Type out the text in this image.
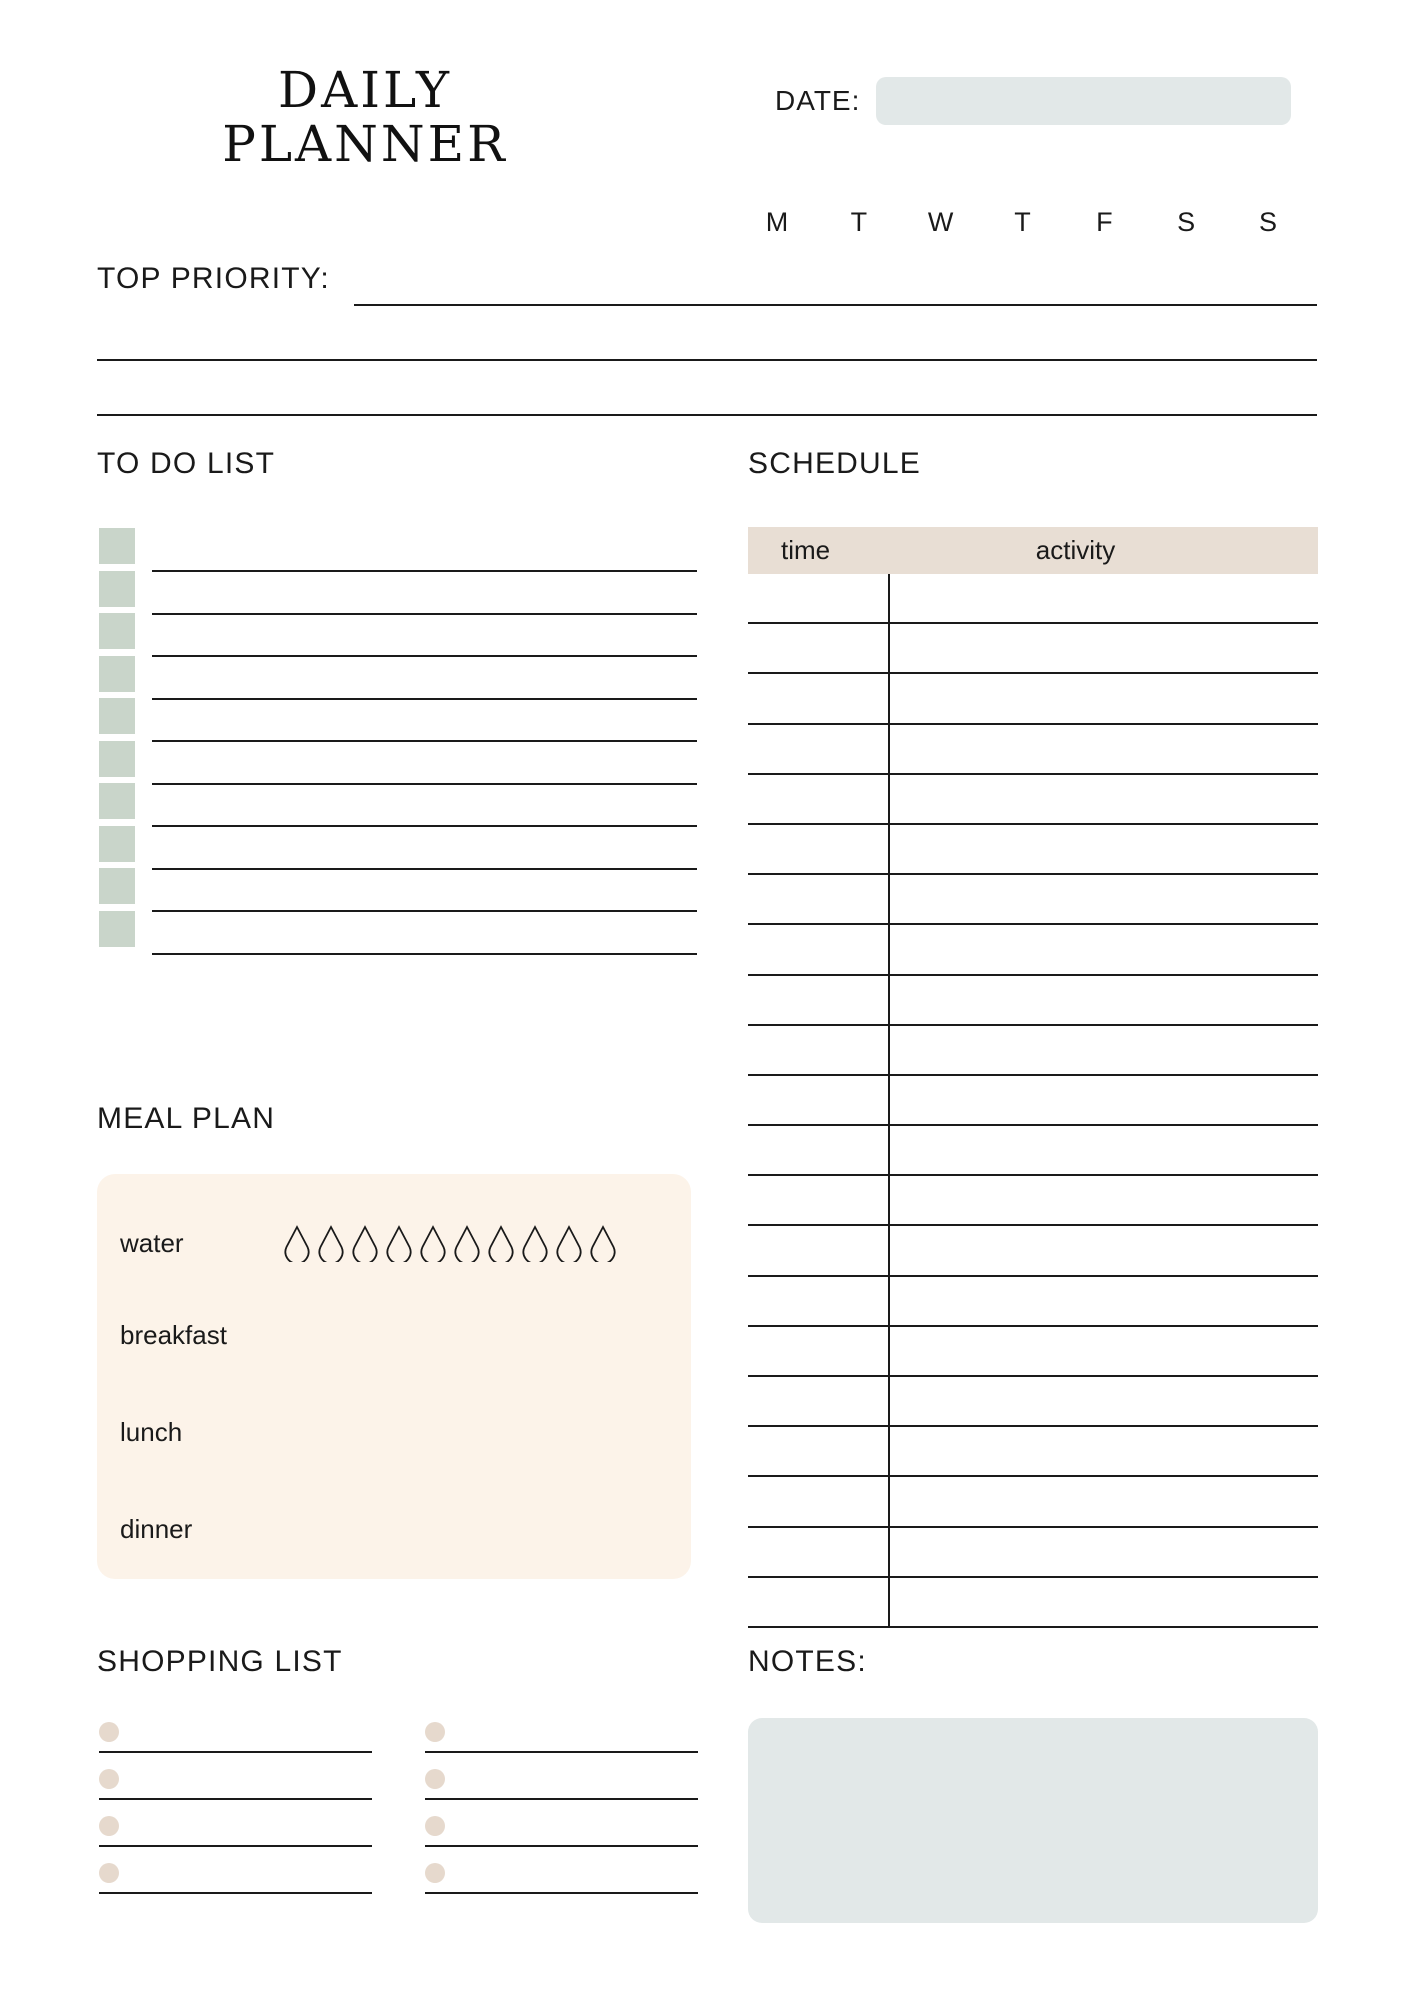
DAILY
PLANNER
DATE:
M	T	W	T	F	S S
TOP PRIORITY:
TO DO LIST
MEAL PLAN
water
breakfast
lunch
dinner
SCHEDULE
time	activity
SHOPPING LIST	NOTES:
